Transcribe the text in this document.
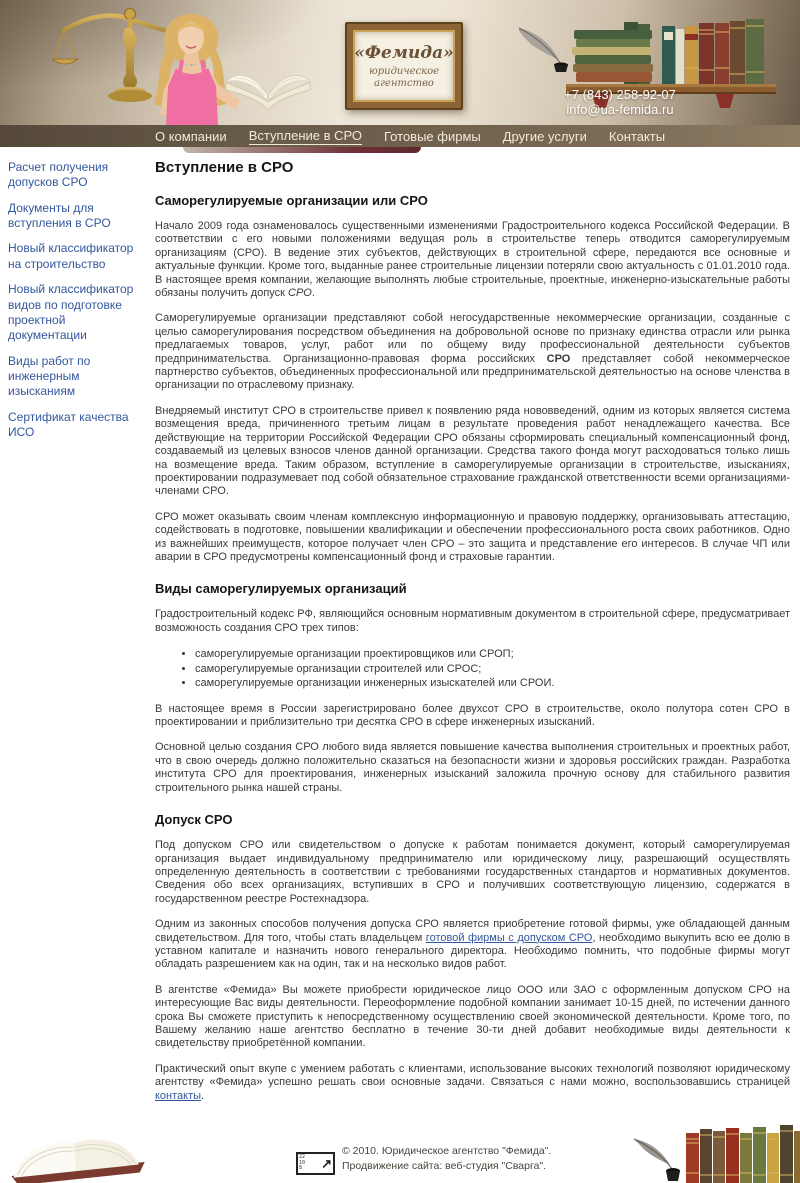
«Фемида»
юридическое
агентство
+7 (843) 258-92-07
info@ua-femida.ru
О компании Вступление в СРО Готовые фирмы Другие услуги Контакты
Расчет получения допусков СРО
Документы для вступления в СРО
Новый классификатор на строительство
Новый классификатор видов по подготовке проектной документации
Виды работ по инженерным изысканиям
Сертификат качества ИСО
Вступление в СРО
Саморегулируемые организации или СРО

Начало 2009 года ознаменовалось существенными изменениями Градостроительного кодекса Российской Федерации. В соответствии с его новыми положениями ведущая роль в строительстве теперь отводится саморегулируемым организациям (СРО). В ведение этих субъектов, действующих в строительной сфере, передаются все основные и актуальные функции. Кроме того, выданные ранее строительные лицензии потеряли свою актуальность с 01.01.2010 года. В настоящее время компании, желающие выполнять любые строительные, проектные, инженерно-изыскательные работы обязаны получить допуск СРО.

Саморегулируемые организации представляют собой негосударственные некоммерческие организации, созданные с целью саморегулирования посредством объединения на добровольной основе по признаку единства отрасли или рынка предлагаемых товаров, услуг, работ или по общему виду профессиональной деятельности субъектов предпринимательства. Организационно-правовая форма российских СРО представляет собой некоммерческое партнерство субъектов, объединенных профессиональной или предпринимательской деятельностью на основе членства в организации по отраслевому признаку.

Внедряемый институт СРО в строительстве привел к появлению ряда нововведений, одним из которых является система возмещения вреда, причиненного третьим лицам в результате проведения работ ненадлежащего качества. Все действующие на территории Российской Федерации СРО обязаны сформировать специальный компенсационный фонд, создаваемый из целевых взносов членов данной организации. Средства такого фонда могут расходоваться только лишь на возмещение вреда. Таким образом, вступление в саморегулируемые организации в строительстве, изысканиях, проектировании подразумевает под собой обязательное страхование гражданской ответственности всеми организациями-членами СРО.

СРО может оказывать своим членам комплексную информационную и правовую поддержку, организовывать аттестацию, содействовать в подготовке, повышении квалификации и обеспечении профессионального роста своих работников. Одно из важнейших преимуществ, которое получает член СРО – это защита и представление его интересов. В случае ЧП или аварии в СРО предусмотрены компенсационный фонд и страховые гарантии.

Виды саморегулируемых организаций

Градостроительный кодекс РФ, являющийся основным нормативным документом в строительной сфере, предусматривает возможность создания СРО трех типов:

• саморегулируемые организации проектировщиков или СРОП;
• саморегулируемые организации строителей или СРОС;
• саморегулируемые организации инженерных изыскателей или СРОИ.

В настоящее время в России зарегистрировано более двухсот СРО в строительстве, около полутора сотен СРО в проектировании и приблизительно три десятка СРО в сфере инженерных изысканий.

Основной целью создания СРО любого вида является повышение качества выполнения строительных и проектных работ, что в свою очередь должно положительно сказаться на безопасности жизни и здоровья российских граждан. Разработка института СРО для проектирования, инженерных изысканий заложила прочную основу для стабильного развития строительного рынка нашей страны.

Допуск СРО

Под допуском СРО или свидетельством о допуске к работам понимается документ, который саморегулируемая организация выдает индивидуальному предпринимателю или юридическому лицу, разрешающий осуществлять определенную деятельность в соответствии с требованиями государственных стандартов и нормативных документов. Сведения обо всех организациях, вступивших в СРО и получивших соответствующую лицензию, содержатся в государственном реестре Ростехнадзора.

Одним из законных способов получения допуска СРО является приобретение готовой фирмы, уже обладающей данным свидетельством. Для того, чтобы стать владельцем готовой фирмы с допуском СРО, необходимо выкупить всю ее долю в уставном капитале и назначить нового генерального директора. Необходимо помнить, что подобные фирмы могут обладать разрешением как на один, так и на несколько видов работ.

В агентстве «Фемида» Вы можете приобрести юридическое лицо ООО или ЗАО с оформленным допуском СРО на интересующие Вас виды деятельности. Переоформление подобной компании занимает 10-15 дней, по истечении данного срока Вы сможете приступить к непосредственному осуществлению своей экономической деятельности. Кроме того, по Вашему желанию наше агентство бесплатно в течение 30-ти дней добавит необходимые виды деятельности к свидетельству приобретённой компании.

Практический опыт вкупе с умением работать с клиентами, использование высоких технологий позволяют юридическому агентству «Фемида» успешно решать свои основные задачи. Связаться с нами можно, воспользовавшись страницей контакты.

22
10
8	↗
© 2010. Юридическое агентство "Фемида".
Продвижение сайта: веб-студия "Сварга".
